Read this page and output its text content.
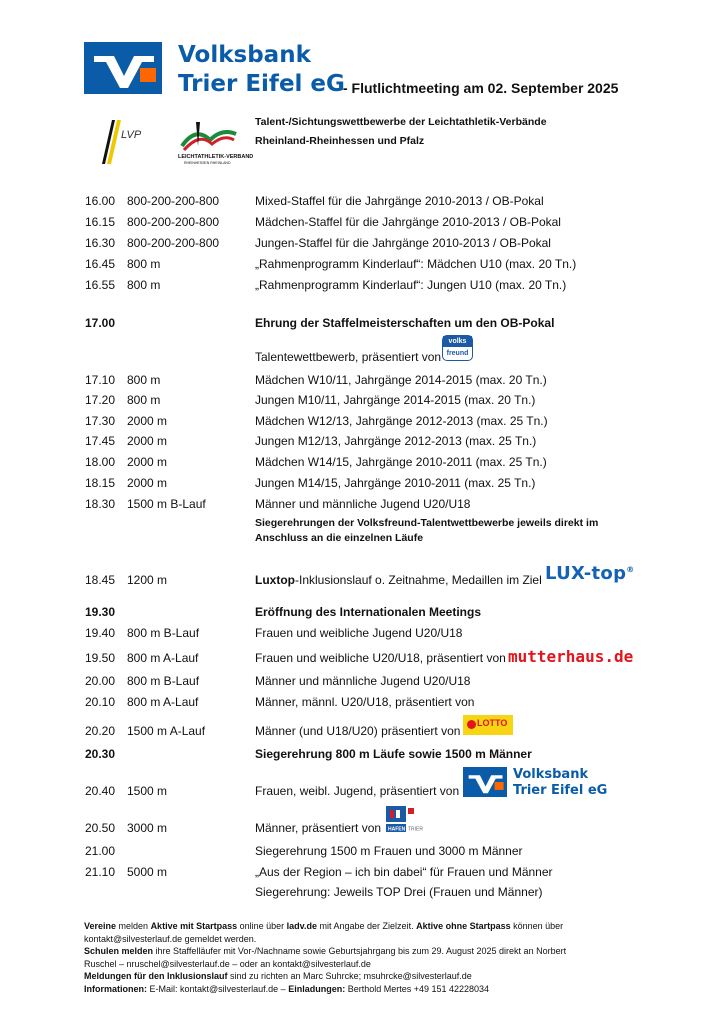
Volksbank
Trier Eifel eG
- Flutlichtmeeting am 02. September 2025
LVP
LEICHTATHLETIK-VERBAND
RHEINHESSEN RHEINLAND
Talent-/Sichtungswettbewerbe der Leichtathletik-Verbände
Rheinland-Rheinhessen und Pfalz
16.00 800-200-200-800	Mixed-Staffel für die Jahrgänge 2010-2013 / OB-Pokal
16.15 800-200-200-800	Mädchen-Staffel für die Jahrgänge 2010-2013 / OB-Pokal
16.30 800-200-200-800	Jungen-Staffel für die Jahrgänge 2010-2013 / OB-Pokal
16.45 800 m	„Rahmenprogramm Kinderlauf“: Mädchen U10 (max. 20 Tn.)
16.55 800 m	„Rahmenprogramm Kinderlauf“: Jungen U10 (max. 20 Tn.)
17.00	Ehrung der Staffelmeisterschaften um den OB-Pokal
Talentewettbewerb, präsentiert von
volks
freund
17.10 800 m	Mädchen W10/11, Jahrgänge 2014-2015 (max. 20 Tn.)
17.20 800 m	Jungen M10/11, Jahrgänge 2014-2015 (max. 20 Tn.)
17.30 2000 m	Mädchen W12/13, Jahrgänge 2012-2013 (max. 25 Tn.)
17.45 2000 m	Jungen M12/13, Jahrgänge 2012-2013 (max. 25 Tn.)
18.00 2000 m	Mädchen W14/15, Jahrgänge 2010-2011 (max. 25 Tn.)
18.15 2000 m	Jungen M14/15, Jahrgänge 2010-2011 (max. 25 Tn.)
18.30 1500 m B-Lauf	Männer und männliche Jugend U20/U18
Siegerehrungen der Volksfreund-Talentwettbewerbe jeweils direkt im
Anschluss an die einzelnen Läufe
18.45 1200 m	Luxtop-Inklusionslauf o. Zeitnahme, Medaillen im Ziel LUX-top®
19.30	Eröffnung des Internationalen Meetings
19.40 800 m B-Lauf	Frauen und weibliche Jugend U20/U18
19.50 800 m A-Lauf	Frauen und weibliche U20/U18, präsentiert von mutterhaus.de
20.00 800 m B-Lauf	Männer und männliche Jugend U20/U18
20.10 800 m A-Lauf	Männer, männl. U20/U18, präsentiert von
20.20 1500 m A-Lauf	Männer (und U18/U20) präsentiert von
LOTTO
20.30	Siegerehrung 800 m Läufe sowie 1500 m Männer
20.40 1500 m	Frauen, weibl. Jugend, präsentiert von
Volksbank
Trier Eifel eG
20.50 3000 m	Männer, präsentiert von HAFEN TRIER
21.00	Siegerehrung 1500 m Frauen und 3000 m Männer
21.10 5000 m	„Aus der Region – ich bin dabei“ für Frauen und Männer
Siegerehrung: Jeweils TOP Drei (Frauen und Männer)

Vereine melden Aktive mit Startpass online über ladv.de mit Angabe der Zielzeit. Aktive ohne Startpass können über

kontakt@silvesterlauf.de gemeldet werden.

Schulen melden ihre Staffelläufer mit Vor-/Nachname sowie Geburtsjahrgang bis zum 29. August 2025 direkt an Norbert

Ruschel – nruschel@silvesterlauf.de – oder an kontakt@silvesterlauf.de

Meldungen für den Inklusionslauf sind zu richten an Marc Suhrcke; msuhrcke@silvesterlauf.de

Informationen: E-Mail: kontakt@silvesterlauf.de – Einladungen: Berthold Mertes +49 151 42228034
